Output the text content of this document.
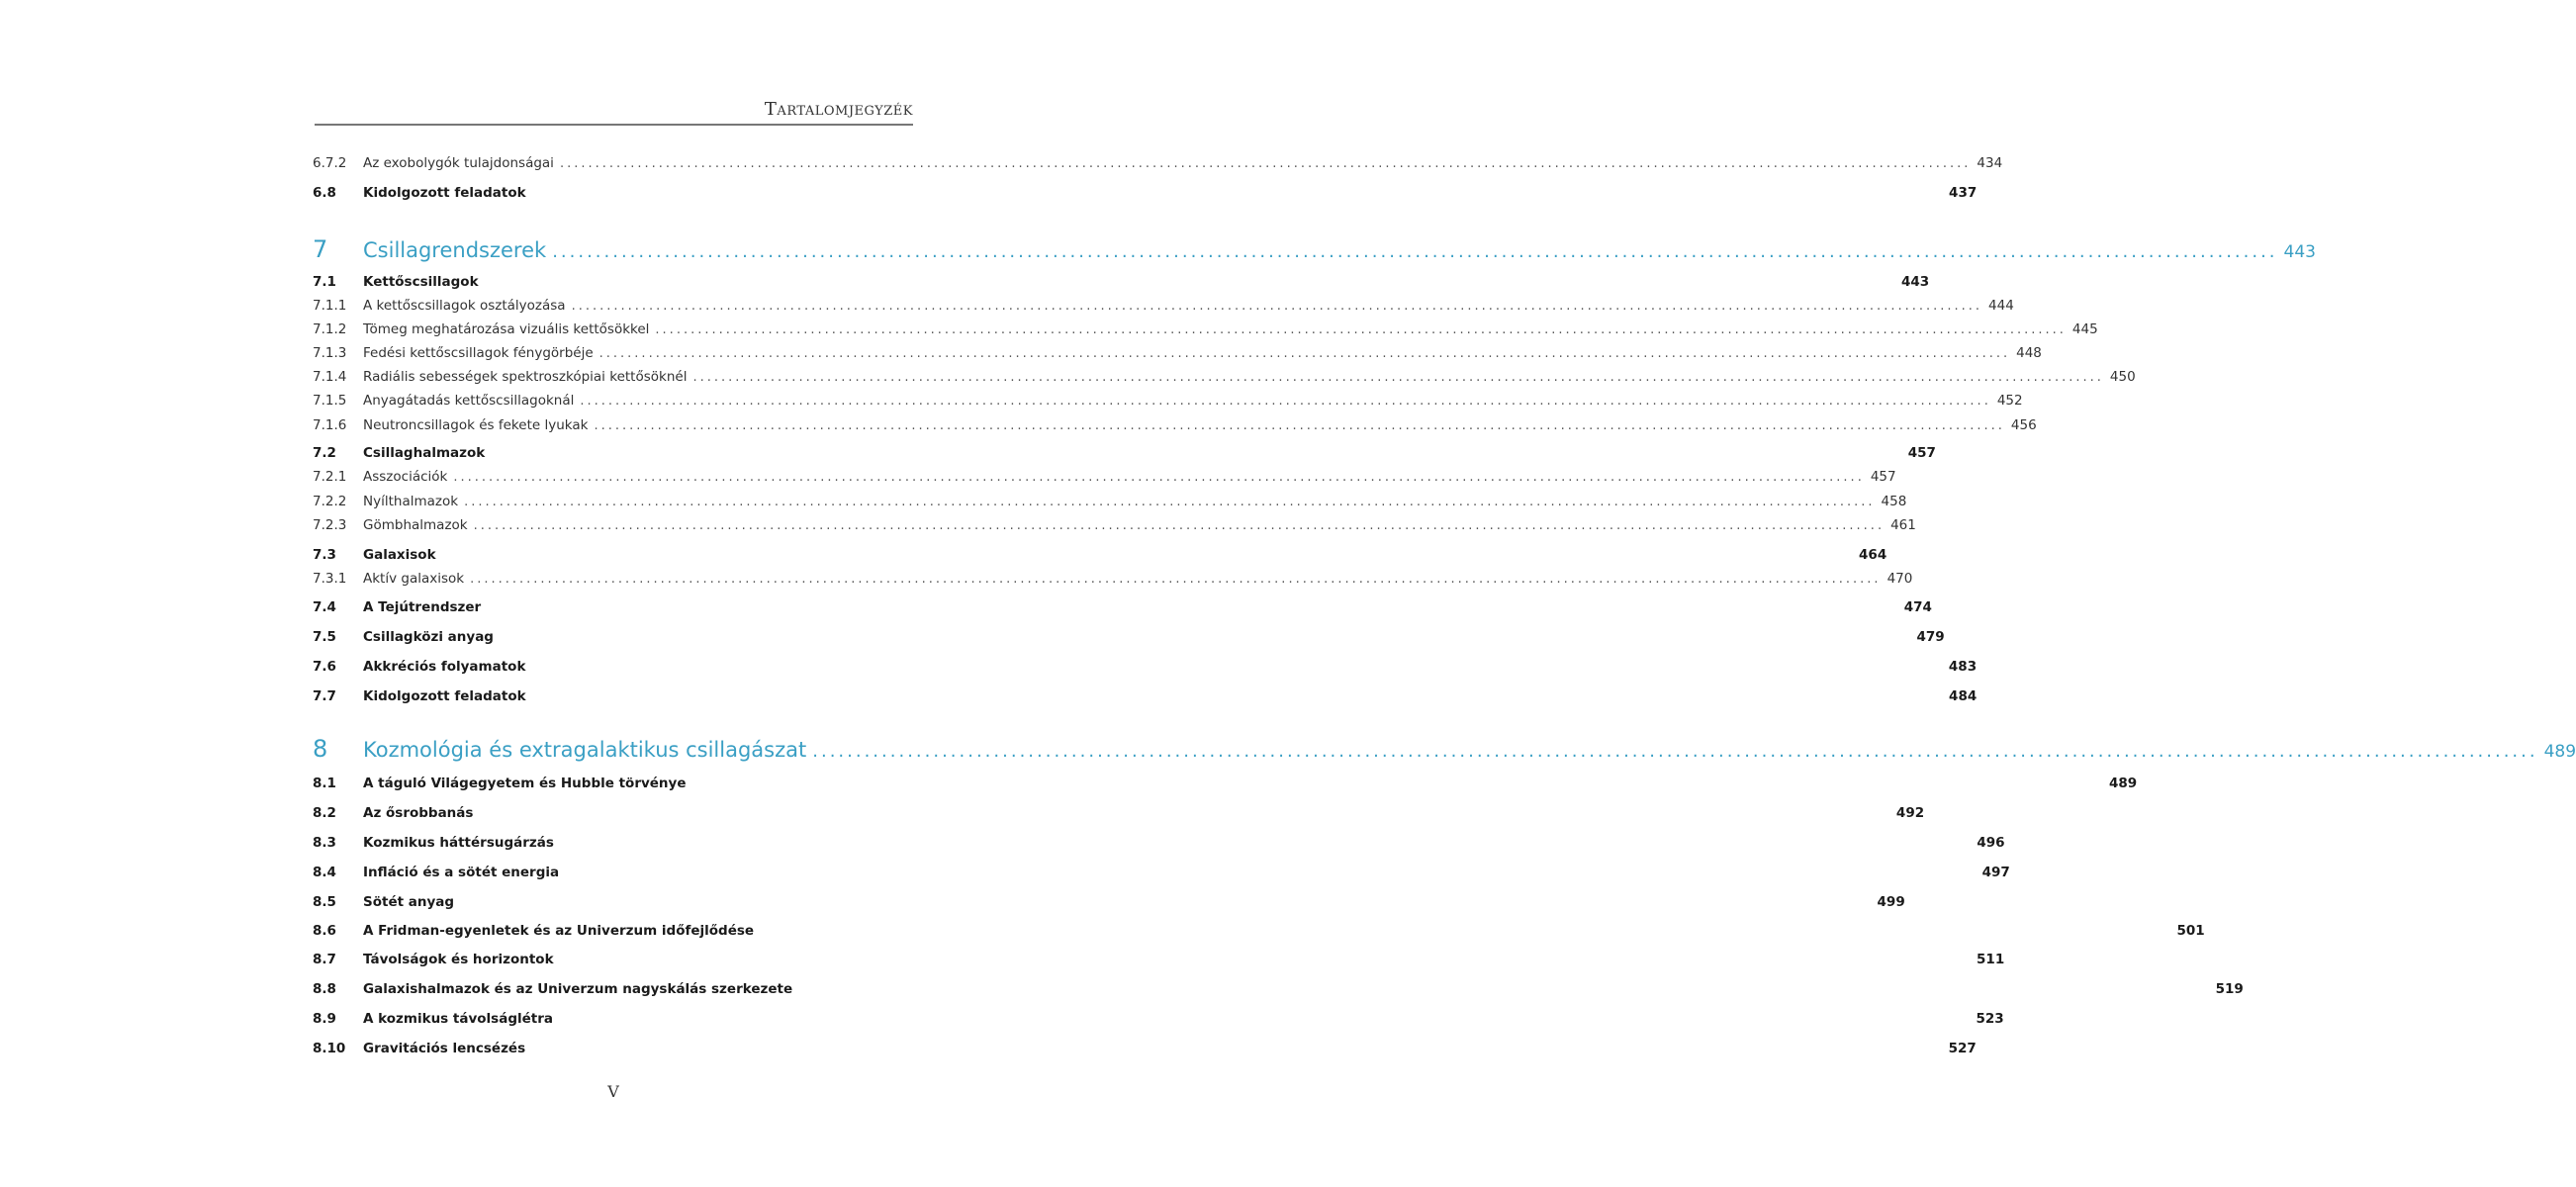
Tartalomjegyzék
6.7.2	Az exobolygók tulajdonságai ........................................................................................................................................................................................................ 434
6.8	Kidolgozott feladatok	437
7	Csillagrendszerek ........................................................................................................................................................................................................ 443
7.1	Kettőscsillagok	443
7.1.1	A kettőscsillagok osztályozása ........................................................................................................................................................................................................ 444
7.1.2	Tömeg meghatározása vizuális kettősökkel ........................................................................................................................................................................................................ 445
7.1.3	Fedési kettőscsillagok fénygörbéje ........................................................................................................................................................................................................ 448
7.1.4	Radiális sebességek spektroszkópiai kettősöknél ........................................................................................................................................................................................................ 450
7.1.5	Anyagátadás kettőscsillagoknál ........................................................................................................................................................................................................ 452
7.1.6	Neutroncsillagok és fekete lyukak ........................................................................................................................................................................................................ 456
7.2	Csillaghalmazok	457
7.2.1	Asszociációk ........................................................................................................................................................................................................ 457
7.2.2	Nyílthalmazok ........................................................................................................................................................................................................ 458
7.2.3	Gömbhalmazok ........................................................................................................................................................................................................ 461
7.3	Galaxisok	464
7.3.1	Aktív galaxisok ........................................................................................................................................................................................................ 470
7.4	A Tejútrendszer	474
7.5	Csillagközi anyag	479
7.6	Akkréciós folyamatok	483
7.7	Kidolgozott feladatok	484
8	Kozmológia és extragalaktikus csillagászat ........................................................................................................................................................................................................ 489
8.1	A táguló Világegyetem és Hubble törvénye	489
8.2	Az ősrobbanás	492
8.3	Kozmikus háttérsugárzás	496
8.4	Infláció és a sötét energia	497
8.5	Sötét anyag	499
8.6	A Fridman-egyenletek és az Univerzum időfejlődése	501
8.7	Távolságok és horizontok	511
8.8	Galaxishalmazok és az Univerzum nagyskálás szerkezete	519
8.9	A kozmikus távolságlétra	523
8.10	Gravitációs lencsézés	527
V
